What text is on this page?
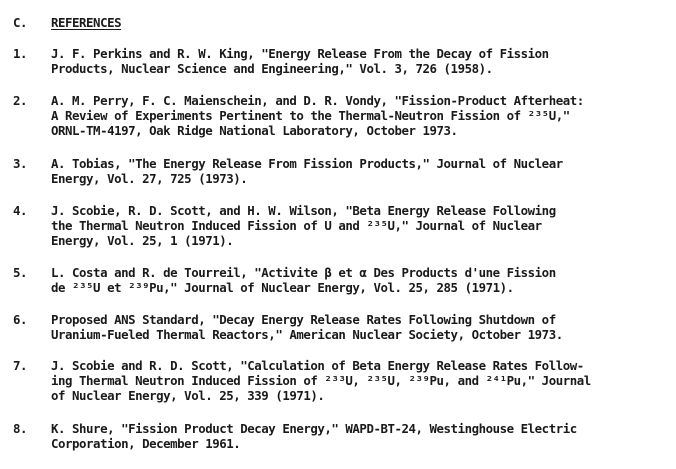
C.	REFERENCES
1.	J. F. Perkins and R. W. King, "Energy Release From the Decay of Fission
Products, Nuclear Science and Engineering," Vol. 3, 726 (1958).
2.	A. M. Perry, F. C. Maienschein, and D. R. Vondy, "Fission-Product Afterheat:
A Review of Experiments Pertinent to the Thermal-Neutron Fission of ²³⁵U,"
ORNL-TM-4197, Oak Ridge National Laboratory, October 1973.
3.	A. Tobias, "The Energy Release From Fission Products," Journal of Nuclear
Energy, Vol. 27, 725 (1973).
4.	J. Scobie, R. D. Scott, and H. W. Wilson, "Beta Energy Release Following
the Thermal Neutron Induced Fission of U and ²³⁵U," Journal of Nuclear
Energy, Vol. 25, 1 (1971).
5.	L. Costa and R. de Tourreil, "Activite β et α Des Products d'une Fission
de ²³⁵U et ²³⁹Pu," Journal of Nuclear Energy, Vol. 25, 285 (1971).
6.	Proposed ANS Standard, "Decay Energy Release Rates Following Shutdown of
Uranium-Fueled Thermal Reactors," American Nuclear Society, October 1973.
7.	J. Scobie and R. D. Scott, "Calculation of Beta Energy Release Rates Follow-
ing Thermal Neutron Induced Fission of ²³³U, ²³⁵U, ²³⁹Pu, and ²⁴¹Pu," Journal
of Nuclear Energy, Vol. 25, 339 (1971).
8.	K. Shure, "Fission Product Decay Energy," WAPD-BT-24, Westinghouse Electric
Corporation, December 1961.
